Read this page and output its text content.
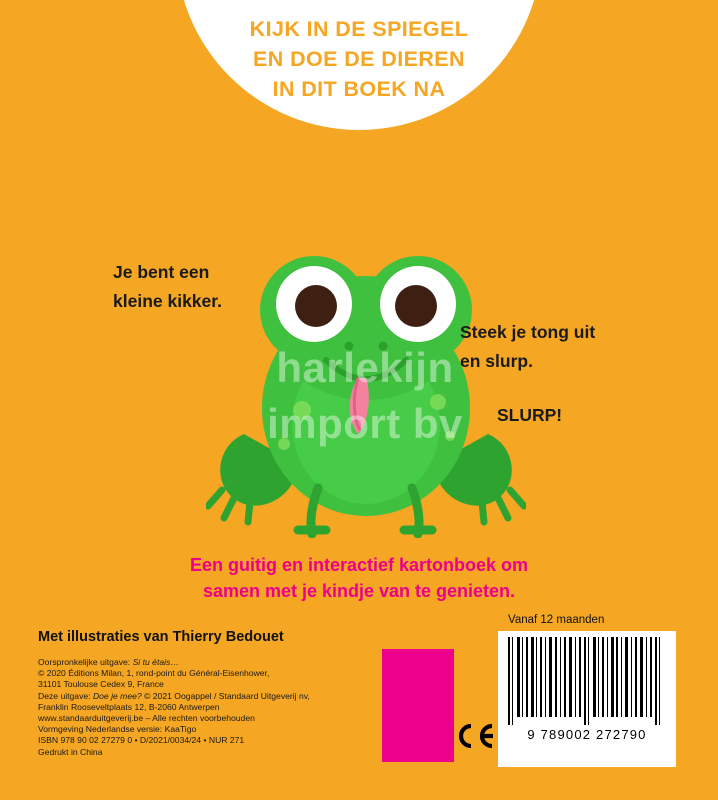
KIJK IN DE SPIEGEL
EN DOE DE DIEREN
IN DIT BOEK NA
Je bent een
kleine kikker.
harlekijn
import bv
Steek je tong uit
en slurp.
SLURP!
Een guitig en interactief kartonboek om
samen met je kindje van te genieten.
Met illustraties van Thierry Bedouet
Oorspronkelijke uitgave: Si tu étais…
© 2020 Éditions Milan, 1, rond-point du Général-Eisenhower,
31101 Toulouse Cedex 9, France
Deze uitgave: Doe je mee? © 2021 Oogappel / Standaard Uitgeverij nv,
Franklin Rooseveltplaats 12, B-2060 Antwerpen
www.standaarduitgeverij.be – Alle rechten voorbehouden
Vormgeving Nederlandse versie: KaaTigo
ISBN 978 90 02 27279 0 • D/2021/0034/24 • NUR 271
Gedrukt in China
Vanaf 12 maanden
9 789002 272790
